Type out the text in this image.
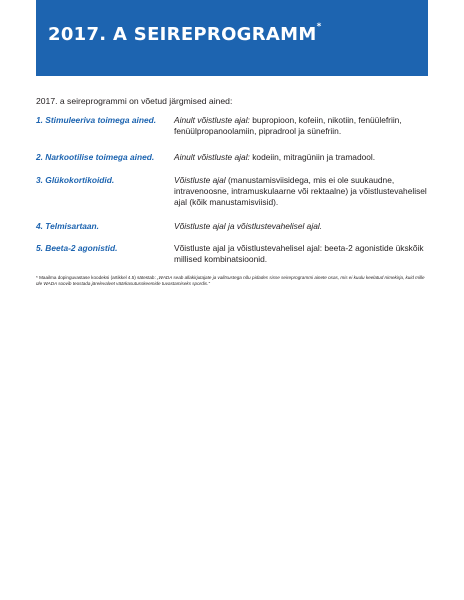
2017. A SEIREPROGRAMM*
2017. a seireprogrammi on võetud järgmised ained:
1. Stimuleeriva toimega ained.	Ainult võistluste ajal: bupropioon, kofeiin, nikotiin, fenüülefriin, fenüülpropanoolamiin, pipradrool ja sünefriin.
2. Narkootilise toimega ained.	Ainult võistluste ajal: kodeiin, mitragüniin ja tramadool.
3. Glükokortikoidid.	Võistluste ajal (manustamisviisidega, mis ei ole suukaudne, intravenoosne, intramuskulaarne või rektaalne) ja võistlustevahelisel ajal (kõik manustamisviisid).
4. Telmisartaan.	Võistluste ajal ja võistlustevahelisel ajal.
5. Beeta-2 agonistid.	Võistluste ajal ja võistlustevahelisel ajal: beeta-2 agonistide ükskõik millised kombinatsioonid.
* Maailma dopinguvastase koodeksi (artikkel 4.5) sätestab: „WADA seab allakirjutajate ja valitsustega nõu pidades sisse seireprogrammi ainete osas, mis ei kuulu keelatud nimekirja, kuid mille üle WADA soovib teostada järelevalvet väärkasutusskeemide tuvastamiseks spordis.”
